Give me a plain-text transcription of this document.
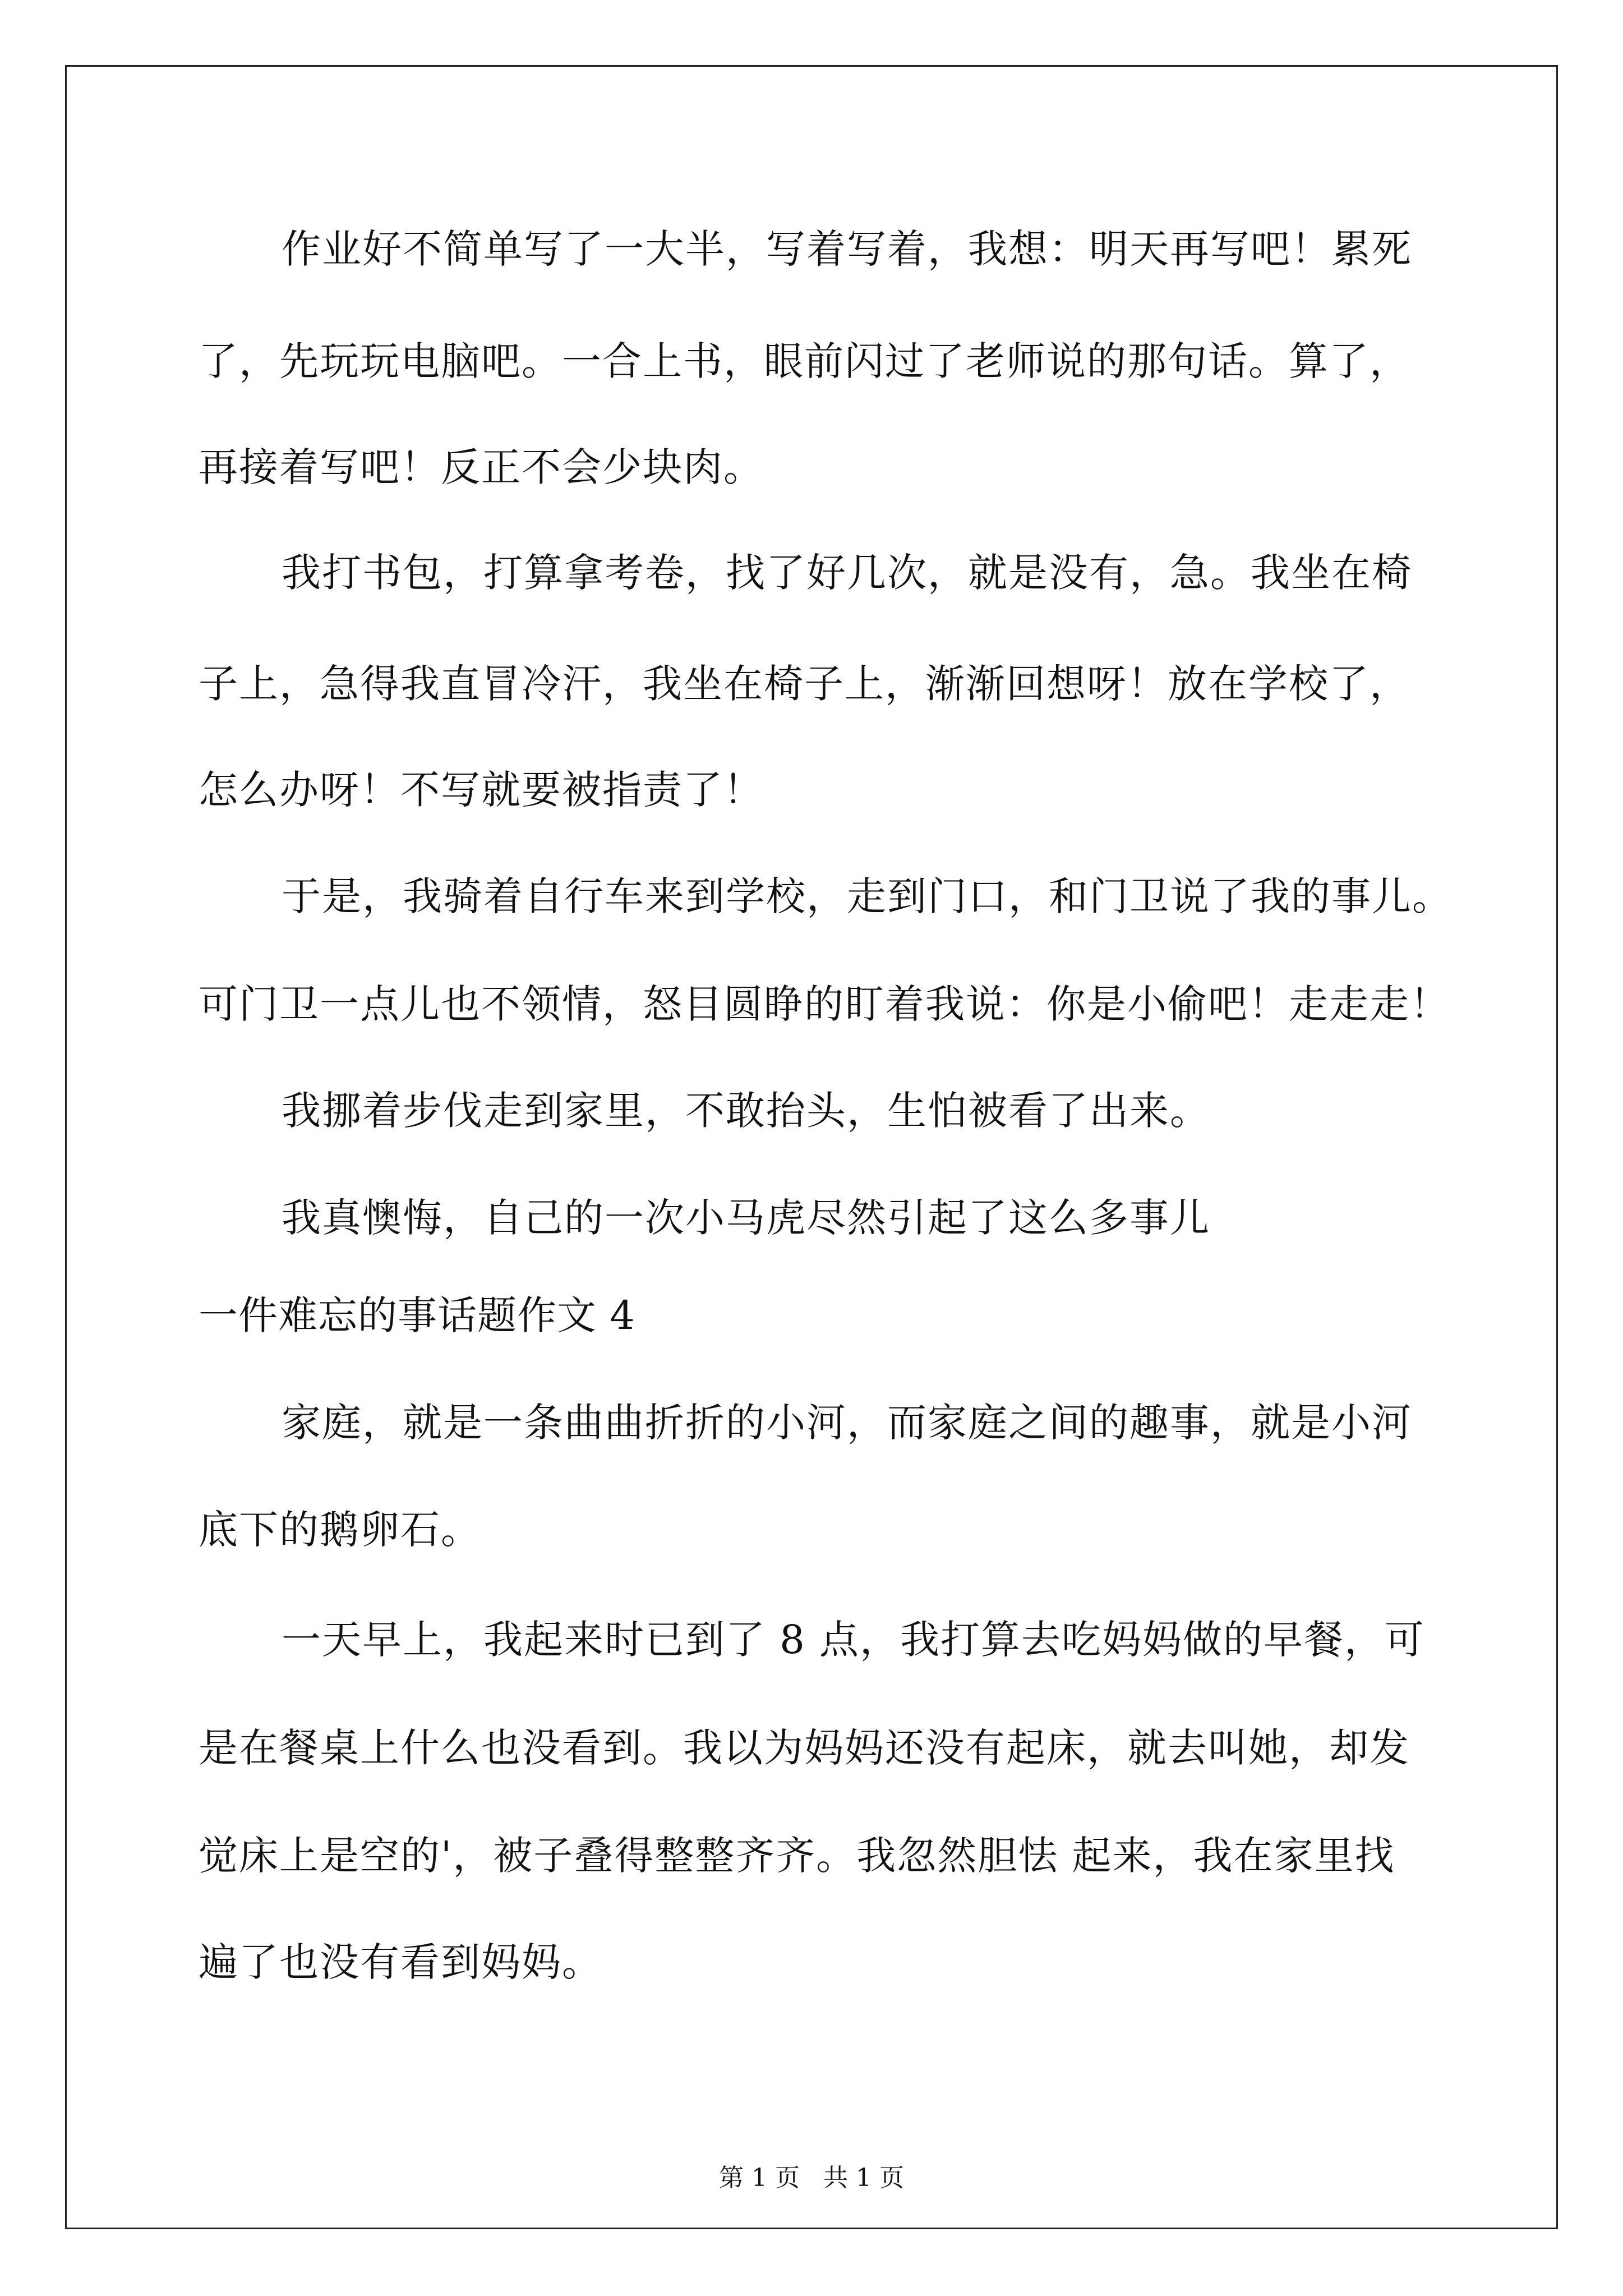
作业好不简单写了一大半，写着写着，我想：明天再写吧！累死
了，先玩玩电脑吧。一合上书，眼前闪过了老师说的那句话。算了，
再接着写吧！反正不会少块肉。
我打书包，打算拿考卷，找了好几次，就是没有，急。我坐在椅
子上，急得我直冒冷汗，我坐在椅子上，渐渐回想呀！放在学校了，
怎么办呀！不写就要被指责了！
于是，我骑着自行车来到学校，走到门口，和门卫说了我的事儿。
可门卫一点儿也不领情，怒目圆睁的盯着我说：你是小偷吧！走走走！
我挪着步伐走到家里，不敢抬头，生怕被看了出来。
我真懊悔，自己的一次小马虎尽然引起了这么多事儿
一件难忘的事话题作文 4
家庭，就是一条曲曲折折的小河，而家庭之间的趣事，就是小河
底下的鹅卵石。
一天早上，我起来时已到了 8 点，我打算去吃妈妈做的早餐，可
是在餐桌上什么也没看到。我以为妈妈还没有起床，就去叫她，却发
觉床上是空的'，被子叠得整整齐齐。我忽然胆怯 起来，我在家里找
遍了也没有看到妈妈。
第 1 页   共 1 页
